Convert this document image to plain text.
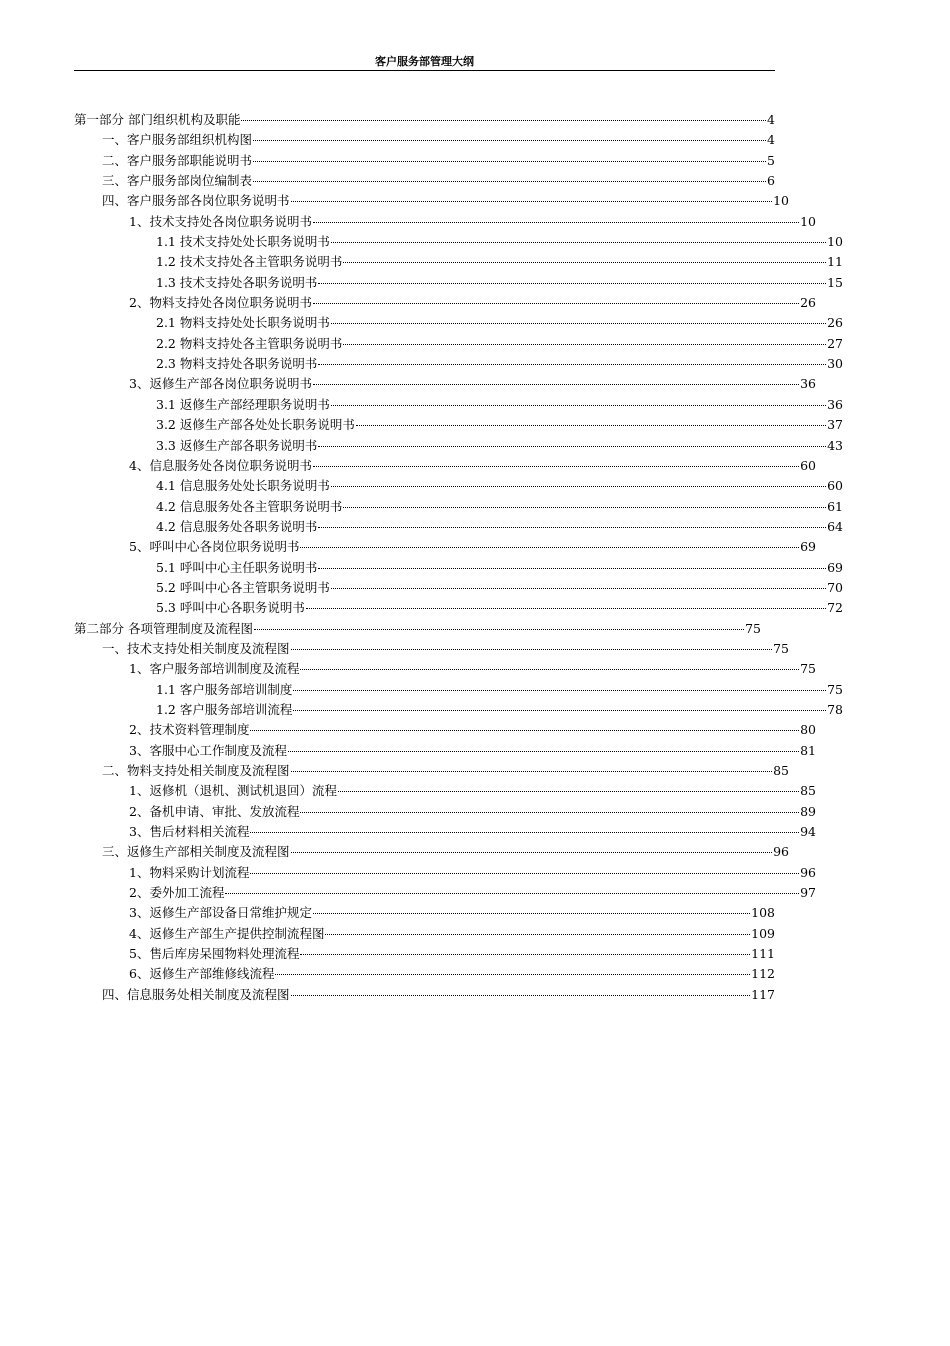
客户服务部管理大纲
第一部分 部门组织机构及职能	4
一、客户服务部组织机构图	4
二、客户服务部职能说明书	5
三、客户服务部岗位编制表	6
四、客户服务部各岗位职务说明书	10
1、技术支持处各岗位职务说明书	10
1.1 技术支持处处长职务说明书	10
1.2 技术支持处各主管职务说明书	11
1.3 技术支持处各职务说明书	15
2、物料支持处各岗位职务说明书	26
2.1 物料支持处处长职务说明书	26
2.2 物料支持处各主管职务说明书	27
2.3 物料支持处各职务说明书	30
3、返修生产部各岗位职务说明书	36
3.1 返修生产部经理职务说明书	36
3.2 返修生产部各处处长职务说明书	37
3.3 返修生产部各职务说明书	43
4、信息服务处各岗位职务说明书	60
4.1 信息服务处处长职务说明书	60
4.2 信息服务处各主管职务说明书	61
4.2 信息服务处各职务说明书	64
5、呼叫中心各岗位职务说明书	69
5.1 呼叫中心主任职务说明书	69
5.2 呼叫中心各主管职务说明书	70
5.3 呼叫中心各职务说明书	72
第二部分 各项管理制度及流程图	75
一、技术支持处相关制度及流程图	75
1、客户服务部培训制度及流程	75
1.1 客户服务部培训制度	75
1.2 客户服务部培训流程	78
2、技术资料管理制度	80
3、客服中心工作制度及流程	81
二、物料支持处相关制度及流程图	85
1、返修机（退机、测试机退回）流程	85
2、备机申请、审批、发放流程	89
3、售后材料相关流程	94
三、返修生产部相关制度及流程图	96
1、物料采购计划流程	96
2、委外加工流程	97
3、返修生产部设备日常维护规定	108
4、返修生产部生产提供控制流程图	109
5、售后库房呆囤物料处理流程	111
6、返修生产部维修线流程	112
四、信息服务处相关制度及流程图	117
